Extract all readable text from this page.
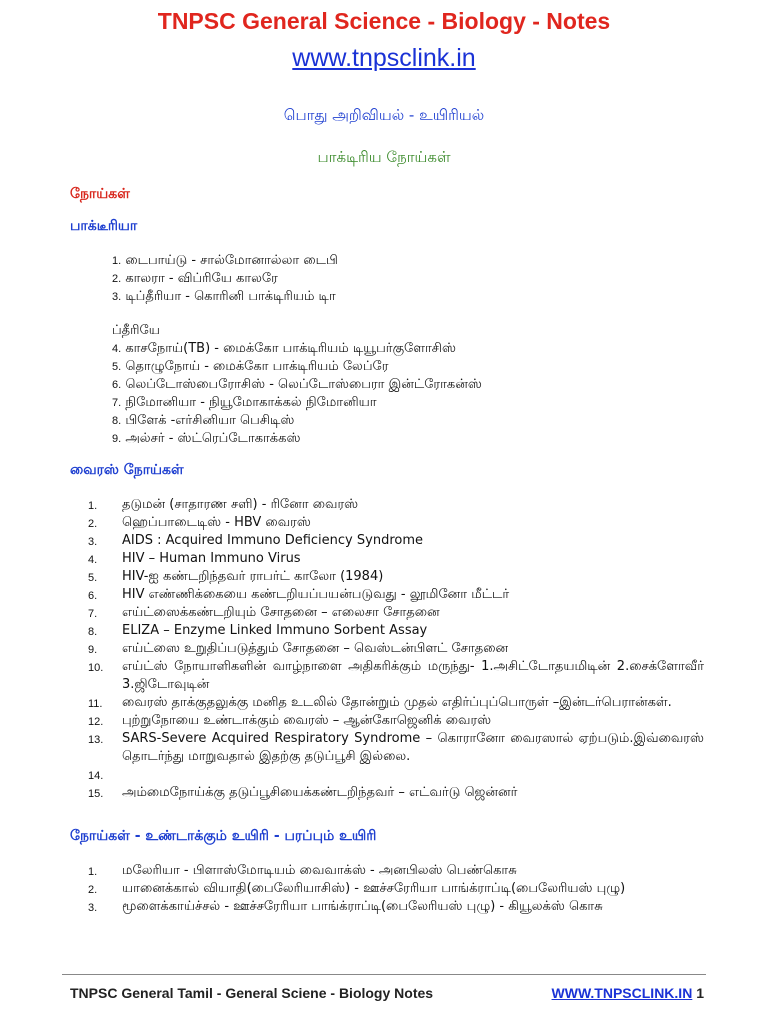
TNPSC General Science - Biology - Notes
www.tnpsclink.in
பொது அறிவியல் - உயிரியல்
பாக்டிரிய நோய்கள்
நோய்கள்
பாக்டீரியா
1. டைபாய்டு - சால்மோனால்லா டைபி
2. காலரா - விப்ரியே காலரே
3. டிப்தீரியா - கொரினி பாக்டிரியம் டிா
ப்தீரியே
4. காசநோய்(TB) - மைக்கோ பாக்டிரியம் டியூபர்குளோசிஸ்
5. தொழுநோய் - மைக்கோ பாக்டிரியம் லேப்ரே
6. லெப்டோஸ்பைரோசிஸ் - லெப்டோஸ்பைரா இன்ட்ரோகன்ஸ்
7. நிமோனியா - நியூமோகாக்கல் நிமோனியா
8. பிளேக் -எர்சினியா பெசிடிஸ்
9. அல்சர் - ஸ்ட்ரெப்டோகாக்கஸ்
வைரஸ் நோய்கள்
1. தடுமன் (சாதாரண சளி) - ரினோ வைரஸ்
2. ஹெப்பாடைடிஸ் - HBV வைரஸ்
3. AIDS : Acquired Immuno Deficiency Syndrome
4. HIV – Human Immuno Virus
5. HIV-ஐ கண்டறிந்தவர் ராபர்ட் காலோ (1984)
6. HIV எண்ணிக்கையை கண்டறியப்பயன்படுவது - லூமினோ மீட்டர்
7. எய்ட்ஸைக்கண்டறியும் சோதனை – எலைசா சோதனை
8. ELIZA – Enzyme Linked Immuno Sorbent Assay
9. எய்ட்ஸை உறுதிப்படுத்தும் சோதனை – வெஸ்டன்பிளட் சோதனை
10. எய்ட்ஸ் நோயாளிகளின் வாழ்நாளை அதிகரிக்கும் மருந்து- 1.அசிட்டோதயமிடின் 2.சைக்ளோவீர் 3.ஜிடோவுடின்
11. வைரஸ் தாக்குதலுக்கு மனித உடலில் தோன்றும் முதல் எதிர்ப்புப்பொருள் –இன்டர்பெரான்கள்.
12. புற்றுநோயை உண்டாக்கும் வைரஸ் – ஆன்கோஜெனிக் வைரஸ்
13. SARS-Severe Acquired Respiratory Syndrome – கொரானோ வைரஸால் ஏற்படும்.இவ்வைரஸ் தொடர்ந்து மாறுவதால் இதற்கு தடுப்பூசி இல்லை.
14.
15. அம்மைநோய்க்கு தடுப்பூசியைக்கண்டறிந்தவர் – எட்வர்டு ஜென்னர்
நோய்கள் - உண்டாக்கும் உயிரி - பரப்பும் உயிரி
1. மலேரியா - பிளாஸ்மோடியம் வைவாக்ஸ் - அனபிலஸ் பெண்கொசு
2. யானைக்கால் வியாதி(பைலேரியாசிஸ்) - ஊச்சரேரியா பாங்க்ராப்டி(பைலேரியஸ் புழு)
3. மூளைக்காய்ச்சல் - ஊச்சரேரியா பாங்க்ராப்டி(பைலேரியஸ் புழு) - கியூலக்ஸ் கொசு
TNPSC General Tamil - General Sciene - Biology Notes	WWW.TNPSCLINK.IN 1
